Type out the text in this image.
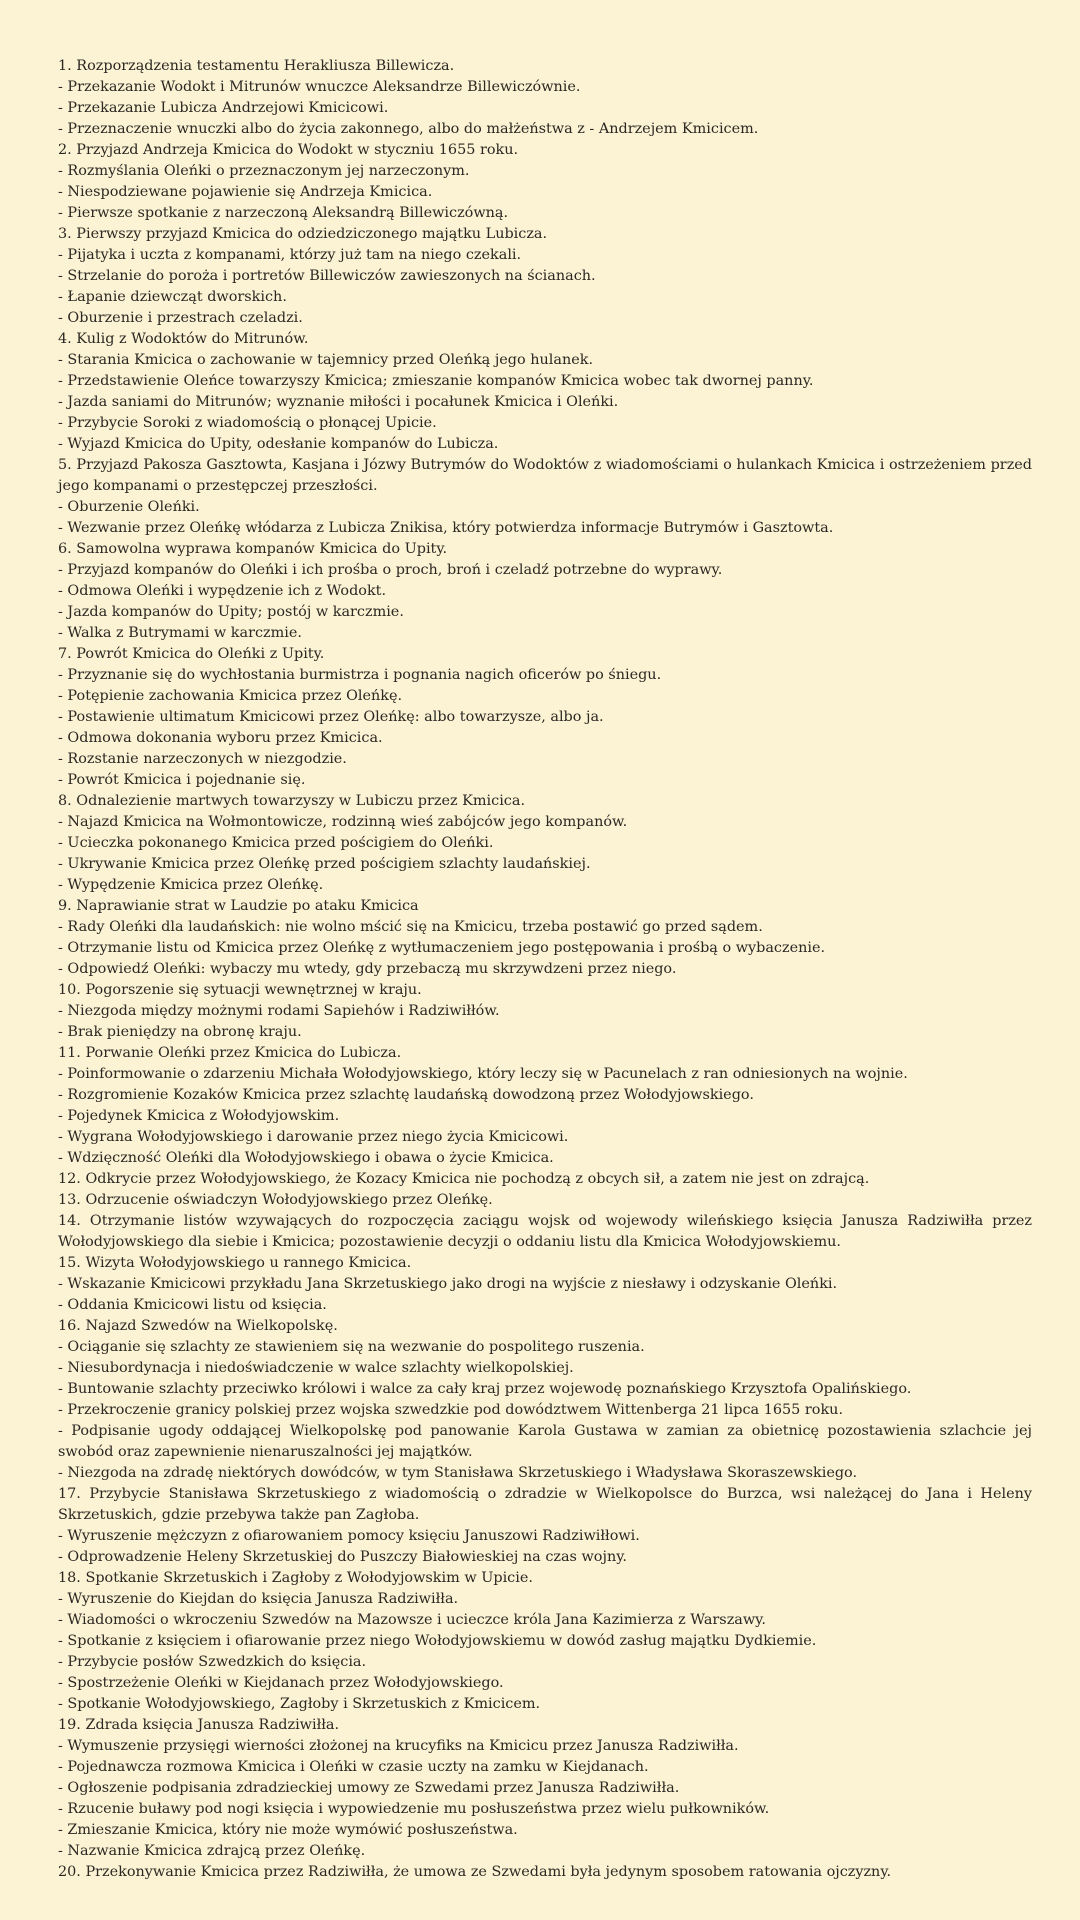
1. Rozporządzenia testamentu Herakliusza Billewicza.

- Przekazanie Wodokt i Mitrunów wnuczce Aleksandrze Billewiczównie.

- Przekazanie Lubicza Andrzejowi Kmicicowi.

- Przeznaczenie wnuczki albo do życia zakonnego, albo do małżeństwa z - Andrzejem Kmicicem.

2. Przyjazd Andrzeja Kmicica do Wodokt w styczniu 1655 roku.

- Rozmyślania Oleńki o przeznaczonym jej narzeczonym.

- Niespodziewane pojawienie się Andrzeja Kmicica.

- Pierwsze spotkanie z narzeczoną Aleksandrą Billewiczówną.

3. Pierwszy przyjazd Kmicica do odziedziczonego majątku Lubicza.

- Pijatyka i uczta z kompanami, którzy już tam na niego czekali.

- Strzelanie do poroża i portretów Billewiczów zawieszonych na ścianach.

- Łapanie dziewcząt dworskich.

- Oburzenie i przestrach czeladzi.

4. Kulig z Wodoktów do Mitrunów.

- Starania Kmicica o zachowanie w tajemnicy przed Oleńką jego hulanek.

- Przedstawienie Oleńce towarzyszy Kmicica; zmieszanie kompanów Kmicica wobec tak dwornej panny.

- Jazda saniami do Mitrunów; wyznanie miłości i pocałunek Kmicica i Oleńki.

- Przybycie Soroki z wiadomością o płonącej Upicie.

- Wyjazd Kmicica do Upity, odesłanie kompanów do Lubicza.

5. Przyjazd Pakosza Gasztowta, Kasjana i Józwy Butrymów do Wodoktów z wiadomościami o hulankach Kmicica i ostrzeżeniem przed jego kompanami o przestępczej przeszłości.

- Oburzenie Oleńki.

- Wezwanie przez Oleńkę włódarza z Lubicza Znikisa, który potwierdza informacje Butrymów i Gasztowta.

6. Samowolna wyprawa kompanów Kmicica do Upity.

- Przyjazd kompanów do Oleńki i ich prośba o proch, broń i czeladź potrzebne do wyprawy.

- Odmowa Oleńki i wypędzenie ich z Wodokt.

- Jazda kompanów do Upity; postój w karczmie.

- Walka z Butrymami w karczmie.

7. Powrót Kmicica do Oleńki z Upity.

- Przyznanie się do wychłostania burmistrza i pognania nagich oficerów po śniegu.

- Potępienie zachowania Kmicica przez Oleńkę.

- Postawienie ultimatum Kmicicowi przez Oleńkę: albo towarzysze, albo ja.

- Odmowa dokonania wyboru przez Kmicica.

- Rozstanie narzeczonych w niezgodzie.

- Powrót Kmicica i pojednanie się.

8. Odnalezienie martwych towarzyszy w Lubiczu przez Kmicica.

- Najazd Kmicica na Wołmontowicze, rodzinną wieś zabójców jego kompanów.

- Ucieczka pokonanego Kmicica przed pościgiem do Oleńki.

- Ukrywanie Kmicica przez Oleńkę przed pościgiem szlachty laudańskiej.

- Wypędzenie Kmicica przez Oleńkę.

9. Naprawianie strat w Laudzie po ataku Kmicica

- Rady Oleńki dla laudańskich: nie wolno mścić się na Kmicicu, trzeba postawić go przed sądem.

- Otrzymanie listu od Kmicica przez Oleńkę z wytłumaczeniem jego postępowania i prośbą o wybaczenie.

- Odpowiedź Oleńki: wybaczy mu wtedy, gdy przebaczą mu skrzywdzeni przez niego.

10. Pogorszenie się sytuacji wewnętrznej w kraju.

- Niezgoda między możnymi rodami Sapiehów i Radziwiłłów.

- Brak pieniędzy na obronę kraju.

11. Porwanie Oleńki przez Kmicica do Lubicza.

- Poinformowanie o zdarzeniu Michała Wołodyjowskiego, który leczy się w Pacunelach z ran odniesionych na wojnie.

- Rozgromienie Kozaków Kmicica przez szlachtę laudańską dowodzoną przez Wołodyjowskiego.

- Pojedynek Kmicica z Wołodyjowskim.

- Wygrana Wołodyjowskiego i darowanie przez niego życia Kmicicowi.

- Wdzięczność Oleńki dla Wołodyjowskiego i obawa o życie Kmicica.

12. Odkrycie przez Wołodyjowskiego, że Kozacy Kmicica nie pochodzą z obcych sił, a zatem nie jest on zdrajcą.

13. Odrzucenie oświadczyn Wołodyjowskiego przez Oleńkę.

14. Otrzymanie listów wzywających do rozpoczęcia zaciągu wojsk od wojewody wileńskiego księcia Janusza Radziwiłła przez Wołodyjowskiego dla siebie i Kmicica; pozostawienie decyzji o oddaniu listu dla Kmicica Wołodyjowskiemu.

15. Wizyta Wołodyjowskiego u rannego Kmicica.

- Wskazanie Kmicicowi przykładu Jana Skrzetuskiego jako drogi na wyjście z niesławy i odzyskanie Oleńki.

- Oddania Kmicicowi listu od księcia.

16. Najazd Szwedów na Wielkopolskę.

- Ociąganie się szlachty ze stawieniem się na wezwanie do pospolitego ruszenia.

- Niesubordynacja i niedoświadczenie w walce szlachty wielkopolskiej.

- Buntowanie szlachty przeciwko królowi i walce za cały kraj przez wojewodę poznańskiego Krzysztofa Opalińskiego.

- Przekroczenie granicy polskiej przez wojska szwedzkie pod dowództwem Wittenberga 21 lipca 1655 roku.

- Podpisanie ugody oddającej Wielkopolskę pod panowanie Karola Gustawa w zamian za obietnicę pozostawienia szlachcie jej swobód oraz zapewnienie nienaruszalności jej majątków.

- Niezgoda na zdradę niektórych dowódców, w tym Stanisława Skrzetuskiego i Władysława Skoraszewskiego.

17. Przybycie Stanisława Skrzetuskiego z wiadomością o zdradzie w Wielkopolsce do Burzca, wsi należącej do Jana i Heleny Skrzetuskich, gdzie przebywa także pan Zagłoba.

- Wyruszenie mężczyzn z ofiarowaniem pomocy księciu Januszowi Radziwiłłowi.

- Odprowadzenie Heleny Skrzetuskiej do Puszczy Białowieskiej na czas wojny.

18. Spotkanie Skrzetuskich i Zagłoby z Wołodyjowskim w Upicie.

- Wyruszenie do Kiejdan do księcia Janusza Radziwiłła.

- Wiadomości o wkroczeniu Szwedów na Mazowsze i ucieczce króla Jana Kazimierza z Warszawy.

- Spotkanie z księciem i ofiarowanie przez niego Wołodyjowskiemu w dowód zasług majątku Dydkiemie.

- Przybycie posłów Szwedzkich do księcia.

- Spostrzeżenie Oleńki w Kiejdanach przez Wołodyjowskiego.

- Spotkanie Wołodyjowskiego, Zagłoby i Skrzetuskich z Kmicicem.

19. Zdrada księcia Janusza Radziwiłła.

- Wymuszenie przysięgi wierności złożonej na krucyfiks na Kmicicu przez Janusza Radziwiłła.

- Pojednawcza rozmowa Kmicica i Oleńki w czasie uczty na zamku w Kiejdanach.

- Ogłoszenie podpisania zdradzieckiej umowy ze Szwedami przez Janusza Radziwiłła.

- Rzucenie buławy pod nogi księcia i wypowiedzenie mu posłuszeństwa przez wielu pułkowników.

- Zmieszanie Kmicica, który nie może wymówić posłuszeństwa.

- Nazwanie Kmicica zdrajcą przez Oleńkę.

20. Przekonywanie Kmicica przez Radziwiłła, że umowa ze Szwedami była jedynym sposobem ratowania ojczyzny.
